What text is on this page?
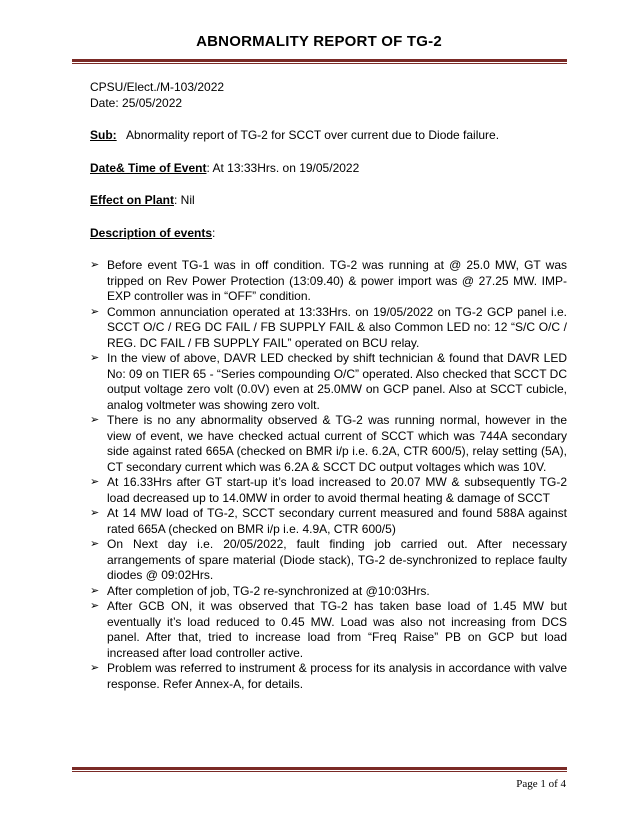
ABNORMALITY REPORT OF TG-2

CPSU/Elect./M-103/2022

Date: 25/05/2022

Sub: Abnormality report of TG-2 for SCCT over current due to Diode failure.

Date& Time of Event: At 13:33Hrs. on 19/05/2022

Effect on Plant: Nil

Description of events:

➢ Before event TG-1 was in off condition. TG-2 was running at @ 25.0 MW, GT was tripped on Rev Power Protection (13:09.40) & power import was @ 27.25 MW. IMP-EXP controller was in “OFF” condition.
➢ Common annunciation operated at 13:33Hrs. on 19/05/2022 on TG-2 GCP panel i.e. SCCT O/C / REG DC FAIL / FB SUPPLY FAIL & also Common LED no: 12 “S/C O/C / REG. DC FAIL / FB SUPPLY FAIL” operated on BCU relay.
➢ In the view of above, DAVR LED checked by shift technician & found that DAVR LED No: 09 on TIER 65 - “Series compounding O/C” operated. Also checked that SCCT DC output voltage zero volt (0.0V) even at 25.0MW on GCP panel. Also at SCCT cubicle, analog voltmeter was showing zero volt.
➢ There is no any abnormality observed & TG-2 was running normal, however in the view of event, we have checked actual current of SCCT which was 744A secondary side against rated 665A (checked on BMR i/p i.e. 6.2A, CTR 600/5), relay setting (5A), CT secondary current which was 6.2A & SCCT DC output voltages which was 10V.
➢ At 16.33Hrs after GT start-up it’s load increased to 20.07 MW & subsequently TG-2 load decreased up to 14.0MW in order to avoid thermal heating & damage of SCCT
➢ At 14 MW load of TG-2, SCCT secondary current measured and found 588A against rated 665A (checked on BMR i/p i.e. 4.9A, CTR 600/5)
➢ On Next day i.e. 20/05/2022, fault finding job carried out. After necessary arrangements of spare material (Diode stack), TG-2 de-synchronized to replace faulty diodes @ 09:02Hrs.
➢ After completion of job, TG-2 re-synchronized at @10:03Hrs.
➢ After GCB ON, it was observed that TG-2 has taken base load of 1.45 MW but eventually it’s load reduced to 0.45 MW. Load was also not increasing from DCS panel. After that, tried to increase load from “Freq Raise” PB on GCP but load increased after load controller active.
➢ Problem was referred to instrument & process for its analysis in accordance with valve response. Refer Annex-A, for details.
Page 1 of 4
